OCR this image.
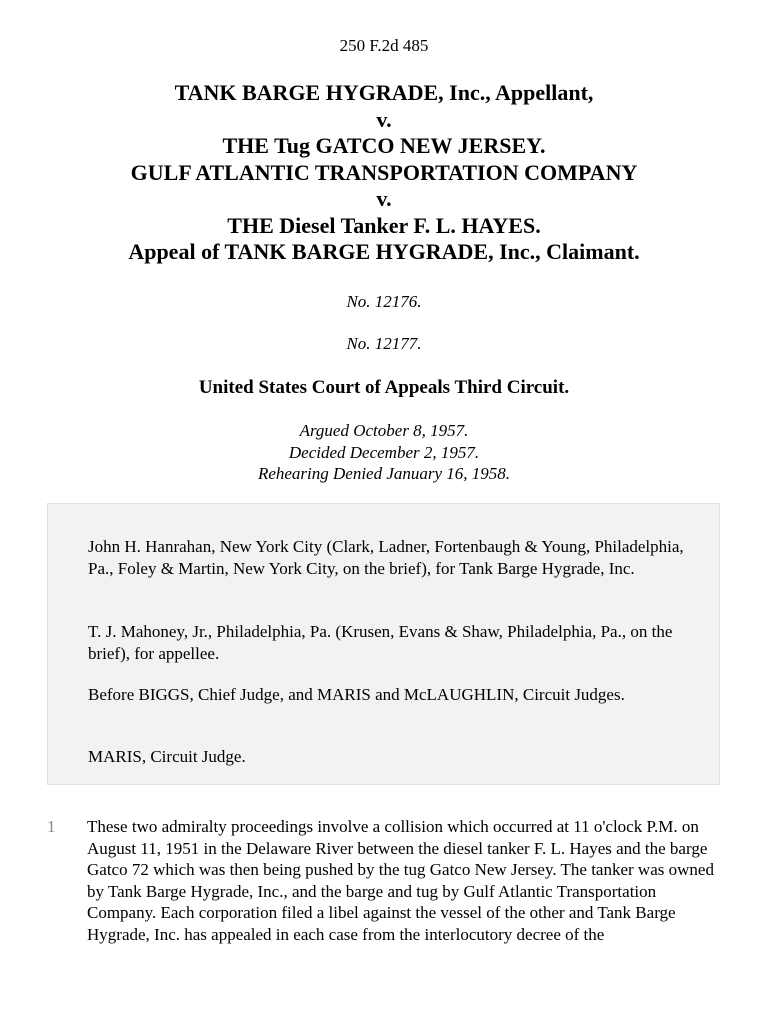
250 F.2d 485
TANK BARGE HYGRADE, Inc., Appellant,
v.
THE Tug GATCO NEW JERSEY.
GULF ATLANTIC TRANSPORTATION COMPANY
v.
THE Diesel Tanker F. L. HAYES.
Appeal of TANK BARGE HYGRADE, Inc., Claimant.
No. 12176.
No. 12177.
United States Court of Appeals Third Circuit.
Argued October 8, 1957.
Decided December 2, 1957.
Rehearing Denied January 16, 1958.

John H. Hanrahan, New York City (Clark, Ladner, Fortenbaugh & Young, Philadelphia, Pa., Foley & Martin, New York City, on the brief), for Tank Barge Hygrade, Inc.

T. J. Mahoney, Jr., Philadelphia, Pa. (Krusen, Evans & Shaw, Philadelphia, Pa., on the brief), for appellee.

Before BIGGS, Chief Judge, and MARIS and McLAUGHLIN, Circuit Judges.

MARIS, Circuit Judge.

1 These two admiralty proceedings involve a collision which occurred at 11 o'clock P.M. on August 11, 1951 in the Delaware River between the diesel tanker F. L. Hayes and the barge Gatco 72 which was then being pushed by the tug Gatco New Jersey. The tanker was owned by Tank Barge Hygrade, Inc., and the barge and tug by Gulf Atlantic Transportation Company. Each corporation filed a libel against the vessel of the other and Tank Barge Hygrade, Inc. has appealed in each case from the interlocutory decree of the
